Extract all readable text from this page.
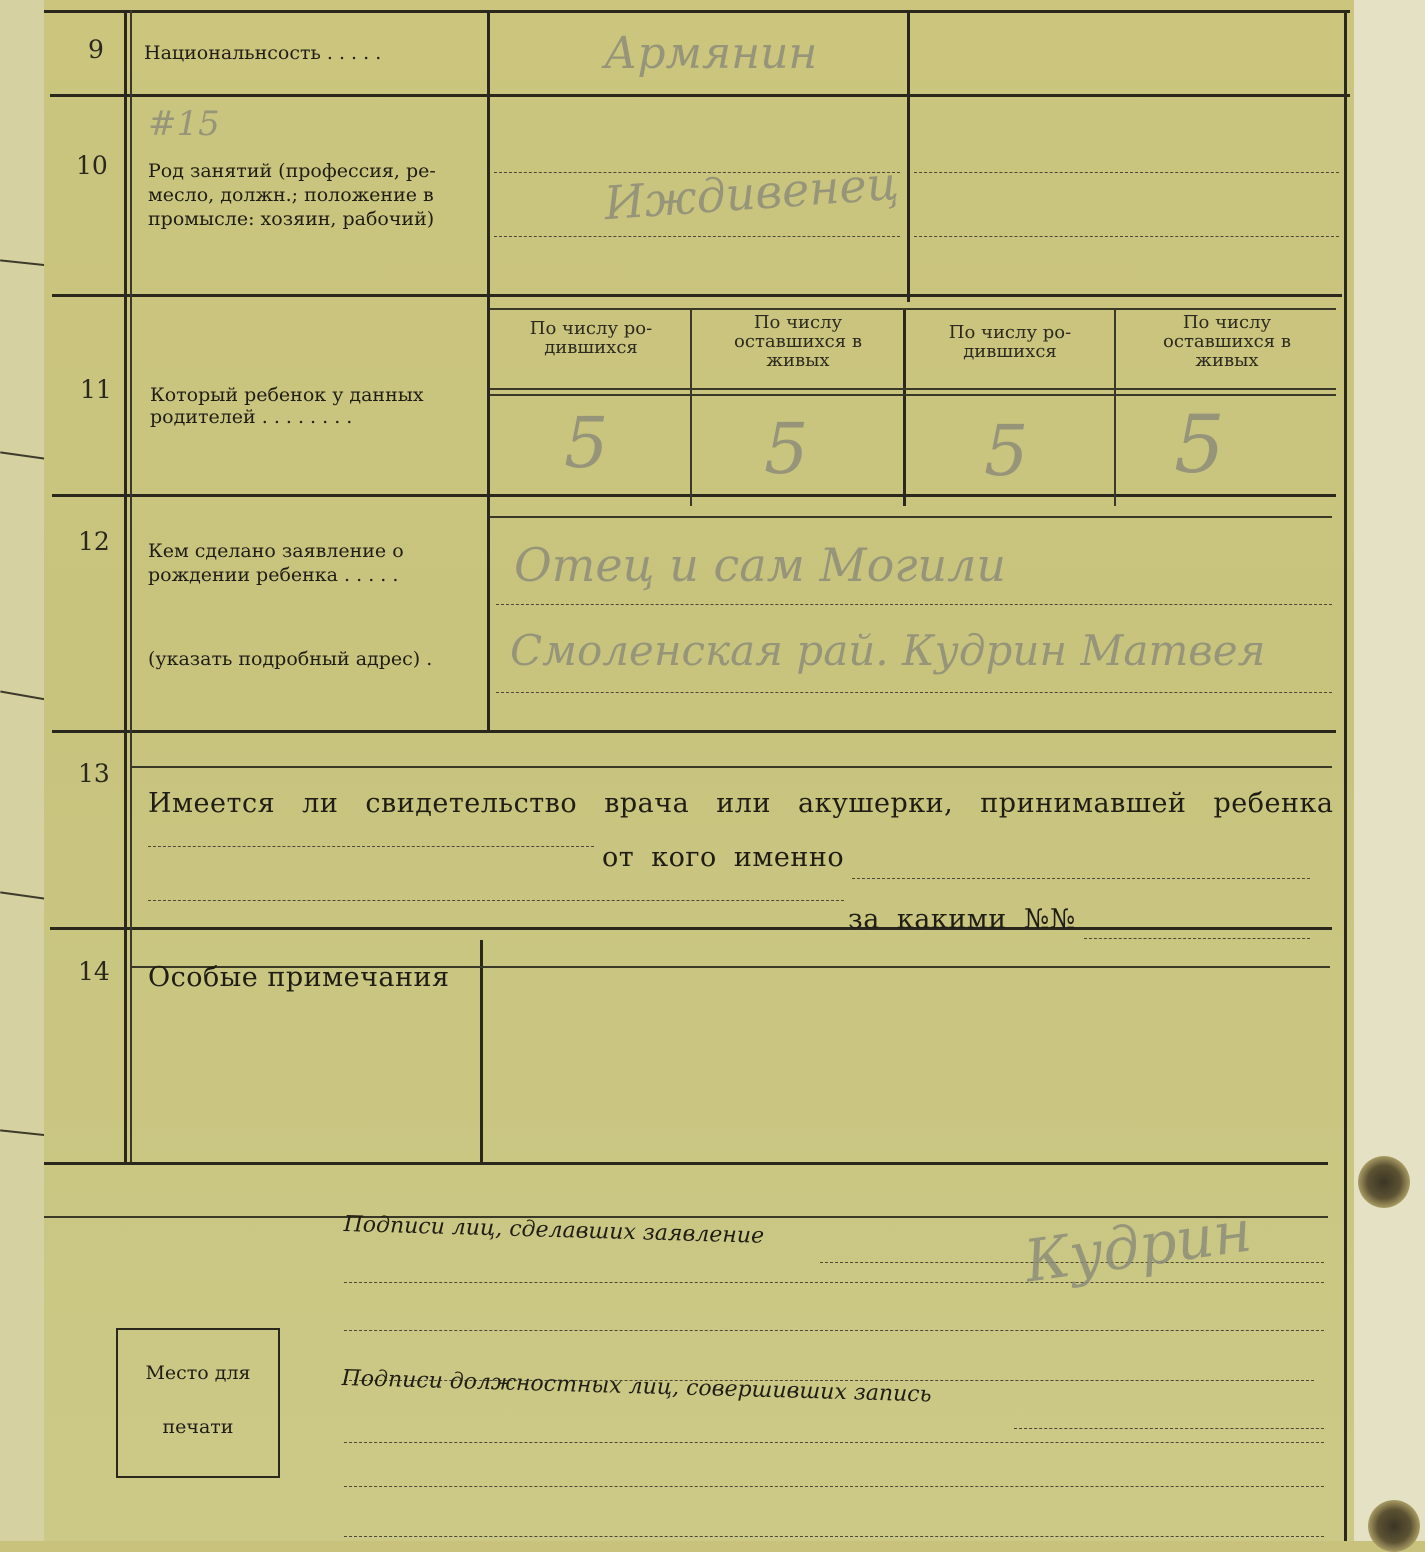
9 Национальнсость . . . . .
10 Род занятий (профессия, ре-
месло, должн.; положение в
промысле: хозяин, рабочий)
11 Который ребенок у данных
родителей . . . . . . . .
По числу ро-
дившихся
По числу
оставшихся в
живых
По числу ро-
дившихся
По числу
оставшихся в
живых
12 Кем сделано заявление о
рождении ребенка . . . . .
(указать подробный адрес) .
13
Имеется ли свидетельство врача или акушерки, принимавшей ребенка
от кого именно
за какими №№
14 Особые примечания
Подписи лиц, сделавших заявление
Подписи должностных лиц, совершивших запись
Армянин
#15
Иждивенец
5 5	5 5
Отец и сам Могили
Смоленская рай. Кудрин Матвея
Кудрин
Место для
печати
